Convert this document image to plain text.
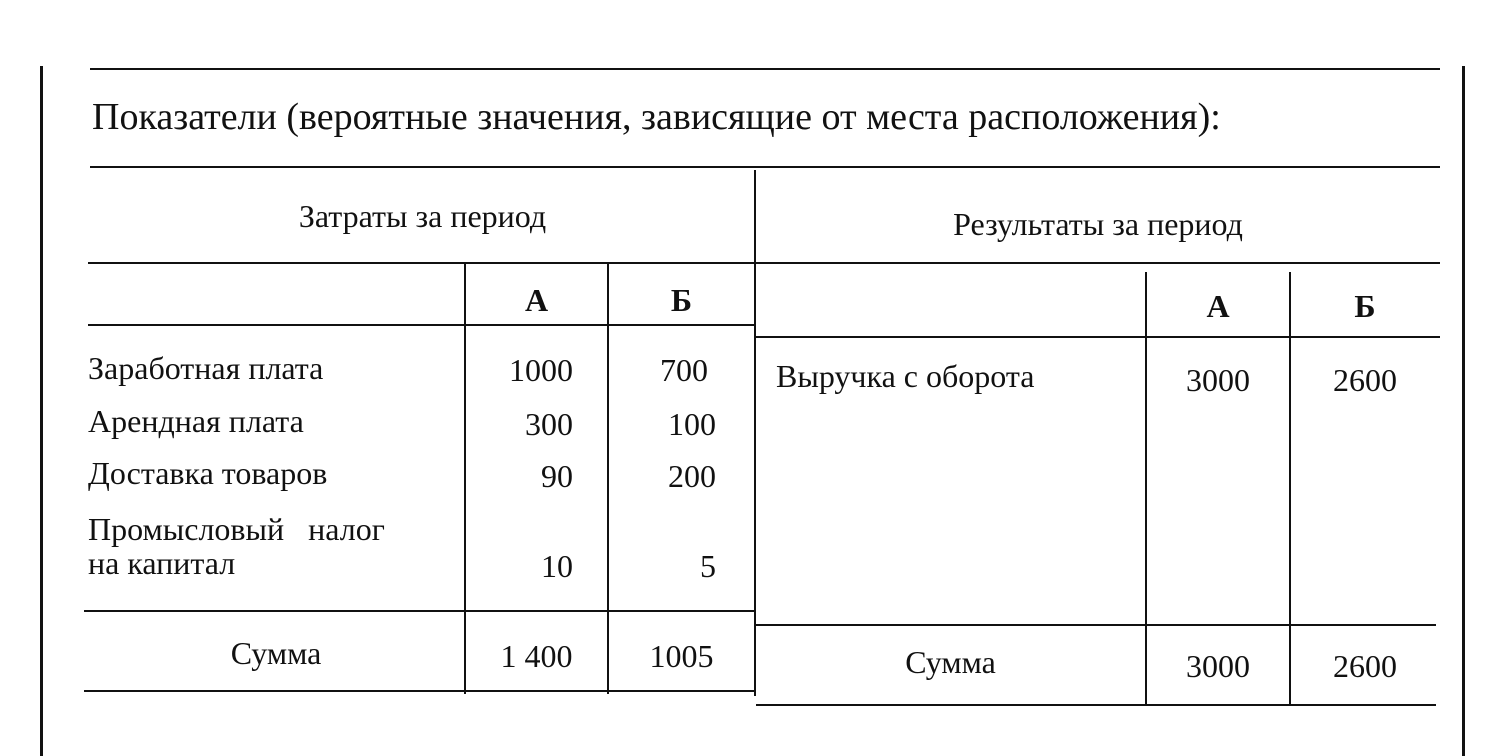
Показатели (вероятные значения, зависящие от места расположения):
Затраты за период	Результаты за период
А	Б	А	Б
Заработная плата	1000	700
Арендная плата	300	100
Доставка товаров	90	200
Промысловый   налог
на капитал	10	5
Выручка с оборота	3000	2600
Сумма	1 400	1005	Сумма	3000	2600
